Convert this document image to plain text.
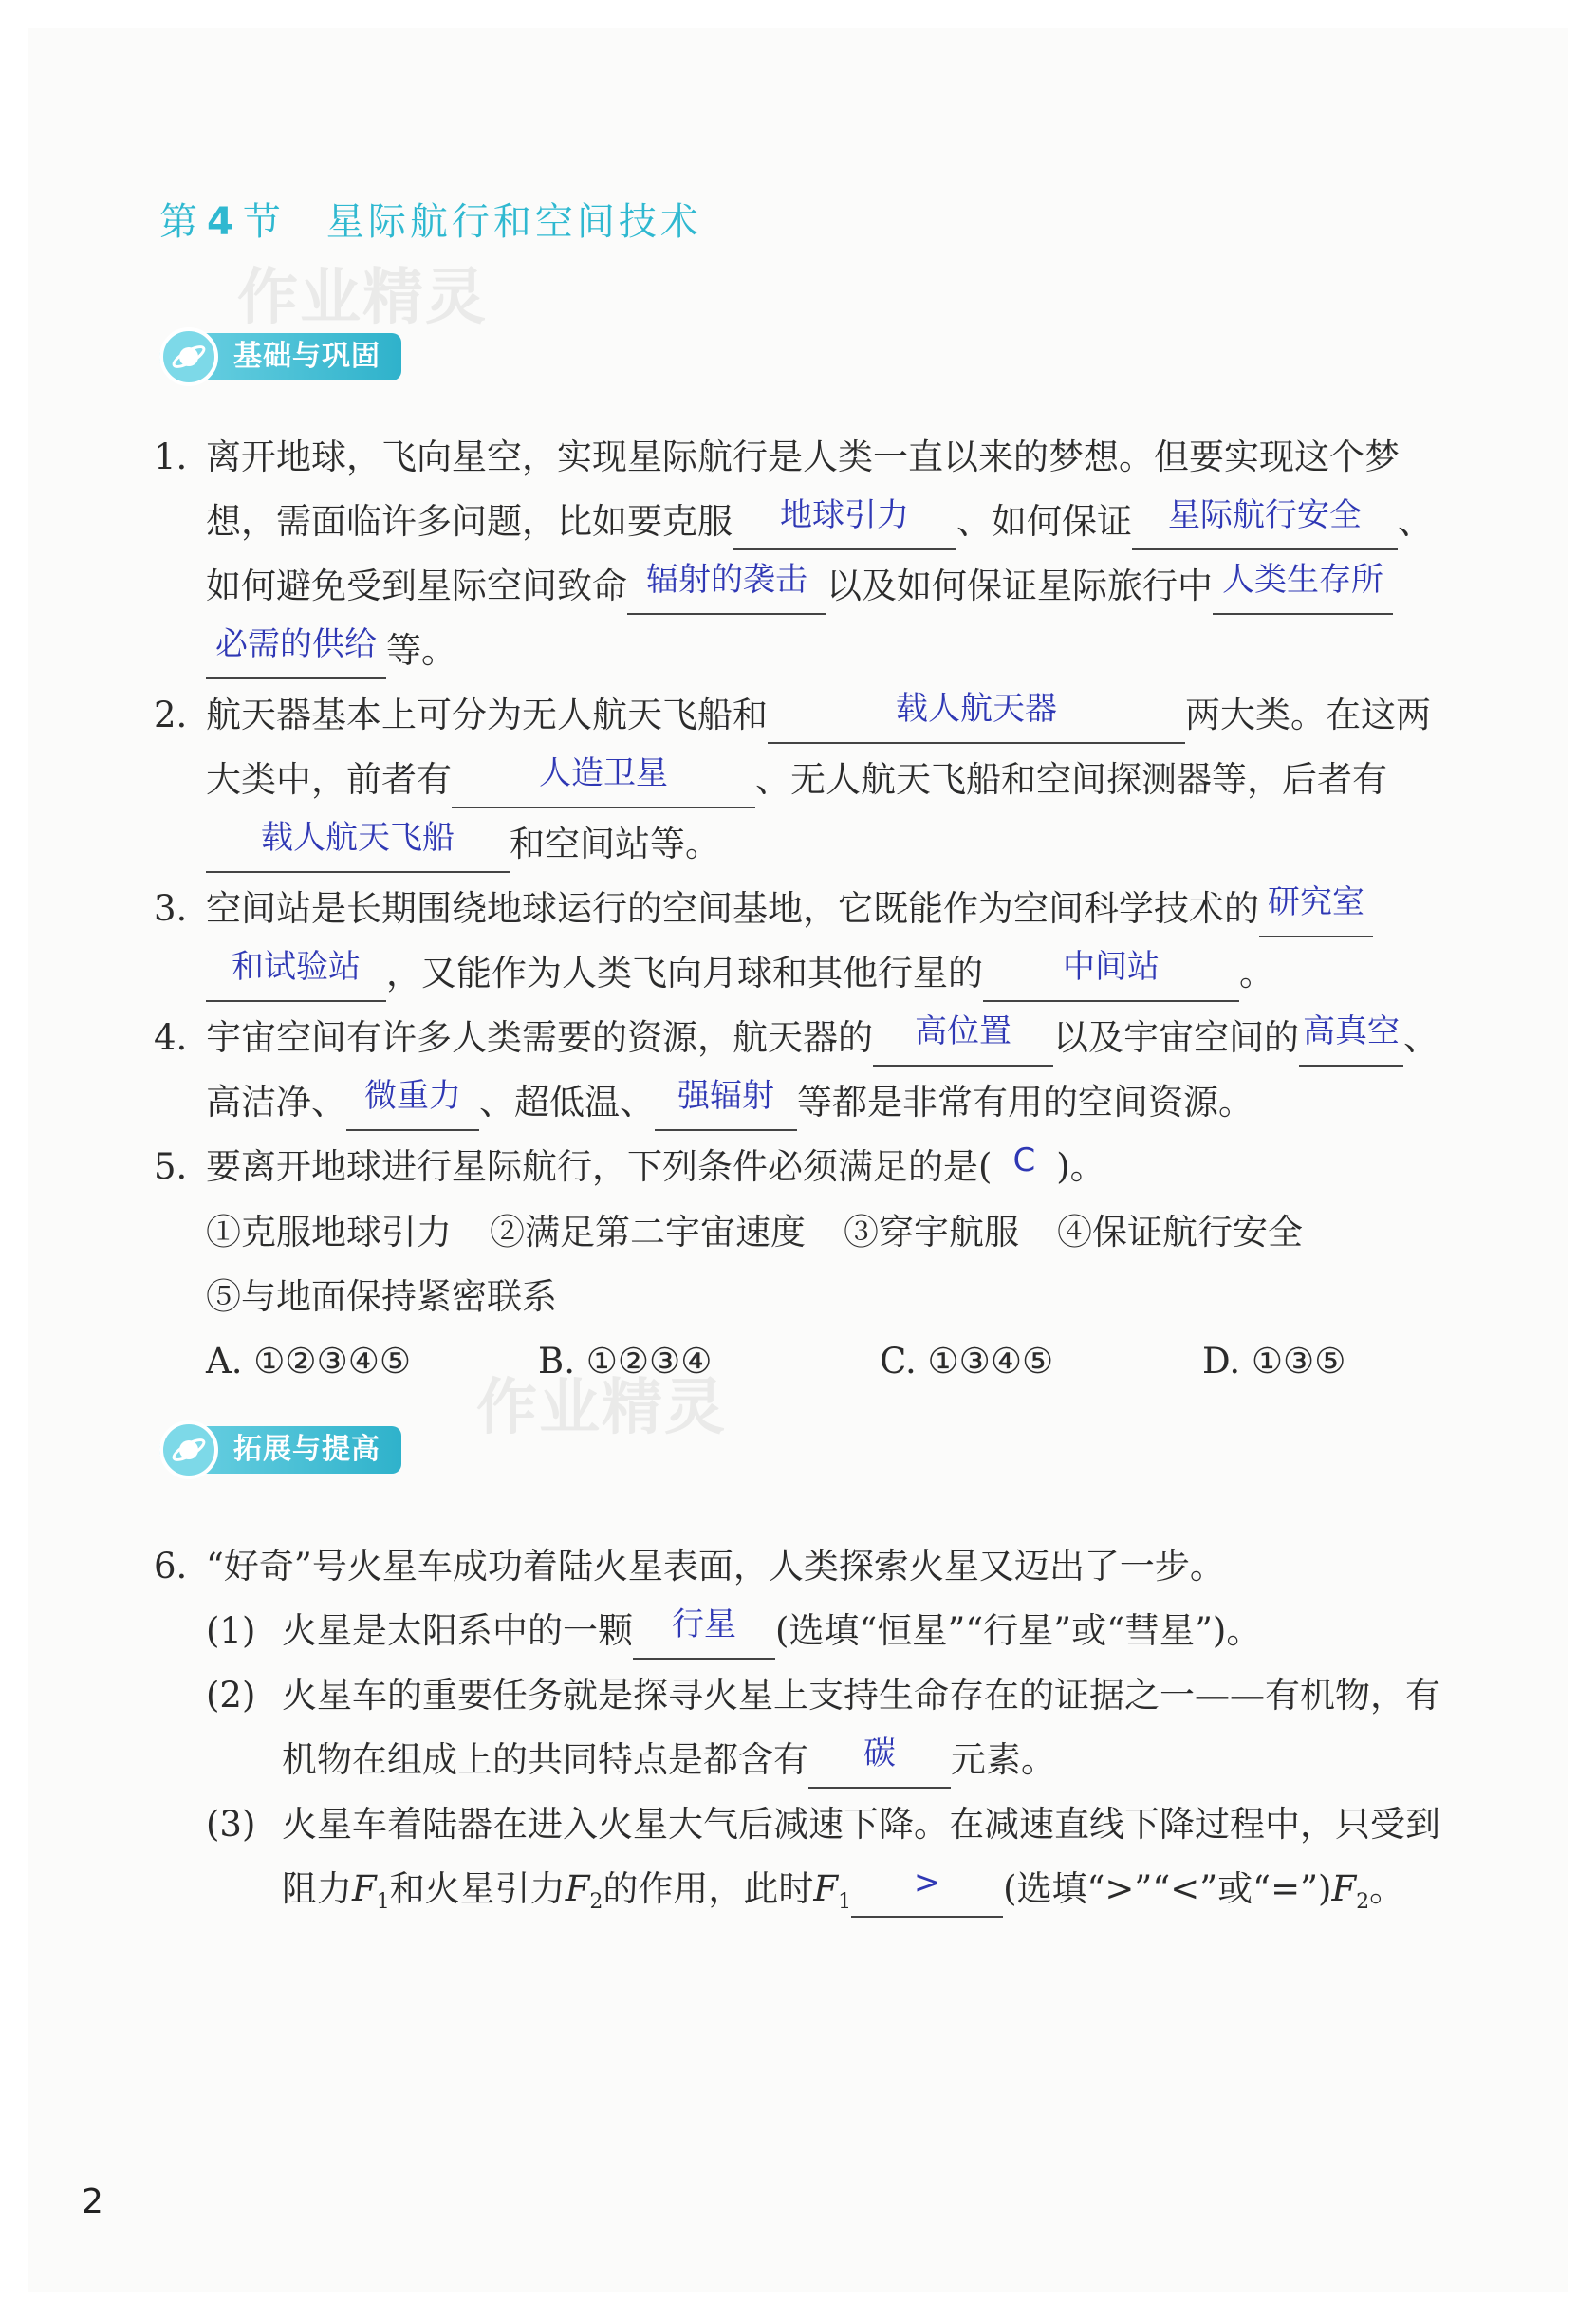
第 4 节 星际航行和空间技术
作业精灵
作业精灵
基础与巩固
拓展与提高
1. 离开地球，飞向星空，实现星际航行是人类一直以来的梦想。但要实现这个梦想，需面临许多问题，比如要克服 地球引力 、如何保证 星际航行安全 、如何避免受到星际空间致命 辐射的袭击 以及如何保证星际旅行中 人类生存所
必需的供给 等。
2. 航天器基本上可分为无人航天飞船和	载人航天器	两大类。在这两大类中，前者有	人造卫星 、无人航天飞船和空间探测器等，后者有
载人航天飞船 和空间站等。
3. 空间站是长期围绕地球运行的空间基地，它既能作为空间科学技术的 研究室
和试验站 ，又能作为人类飞向月球和其他行星的 中间站 。
4. 宇宙空间有许多人类需要的资源，航天器的 高位置 以及宇宙空间的 高真空 、高洁净、 微重力 、超低温、 强辐射 等都是非常有用的空间资源。
5. 要离开地球进行星际航行，下列条件必须满足的是( C )。
①克服地球引力 ②满足第二宇宙速度 ③穿宇航服 ④保证航行安全
⑤与地面保持紧密联系
A. ①②③④⑤	B. ①②③④	C. ①③④⑤	D. ①③⑤
6. “好奇”号火星车成功着陆火星表面，人类探索火星又迈出了一步。
(1) 火星是太阳系中的一颗 行星 (选填“恒星”“行星”或“彗星”)。
(2) 火星车的重要任务就是探寻火星上支持生命存在的证据之一——有机物，有机物在组成上的共同特点是都含有 碳 元素。
(3) 火星车着陆器在进入火星大气后减速下降。在减速直线下降过程中，只受到阻力$F_1$和火星引力$F_2$的作用，此时$F_1>$ (选填“>”“<”或“$=”)F_2$。
2
